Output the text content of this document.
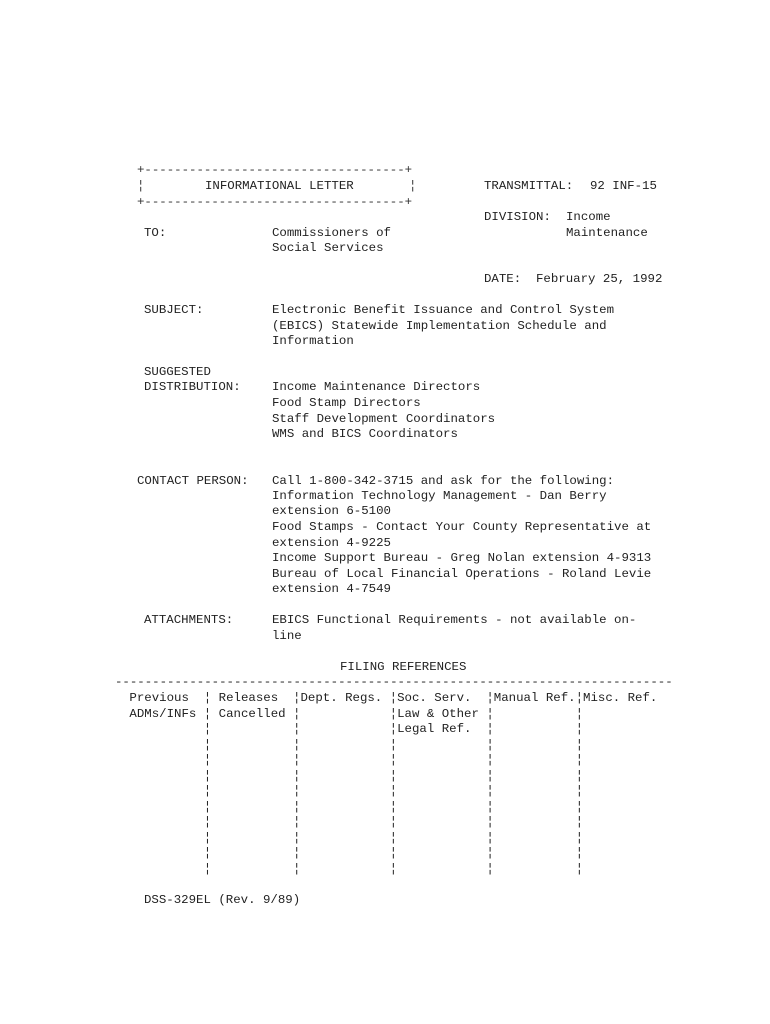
+-----------------------------------+
¦	INFORMATIONAL LETTER	¦
+-----------------------------------+
TRANSMITTAL: 92 INF-15
DIVISION: Income
Maintenance
DATE: February 25, 1992
TO:	Commissioners of
Social Services
SUBJECT:	Electronic Benefit Issuance and Control System
(EBICS) Statewide Implementation Schedule and
Information
SUGGESTED
DISTRIBUTION:	Income Maintenance Directors
Food Stamp Directors
Staff Development Coordinators
WMS and BICS Coordinators
CONTACT PERSON: Call 1-800-342-3715 and ask for the following:
Information Technology Management - Dan Berry
extension 6-5100
Food Stamps - Contact Your County Representative at
extension 4-9225
Income Support Bureau - Greg Nolan extension 4-9313
Bureau of Local Financial Operations - Roland Levie
extension 4-7549
ATTACHMENTS:	EBICS Functional Requirements - not available on-
line
FILING REFERENCES
---------------------------------------------------------------------------
Previous  ¦ Releases  ¦Dept. Regs. ¦Soc. Serv.  ¦Manual Ref.¦Misc. Ref.
ADMs/INFs ¦ Cancelled ¦            ¦Law & Other ¦           ¦
¦           ¦            ¦Legal Ref.  ¦           ¦
¦           ¦            ¦            ¦           ¦
¦           ¦            ¦            ¦           ¦
¦           ¦            ¦            ¦           ¦
¦           ¦            ¦            ¦           ¦
¦           ¦            ¦            ¦           ¦
¦           ¦            ¦            ¦           ¦
¦           ¦            ¦            ¦           ¦
¦           ¦            ¦            ¦           ¦
¦           ¦            ¦            ¦           ¦
DSS-329EL (Rev. 9/89)
